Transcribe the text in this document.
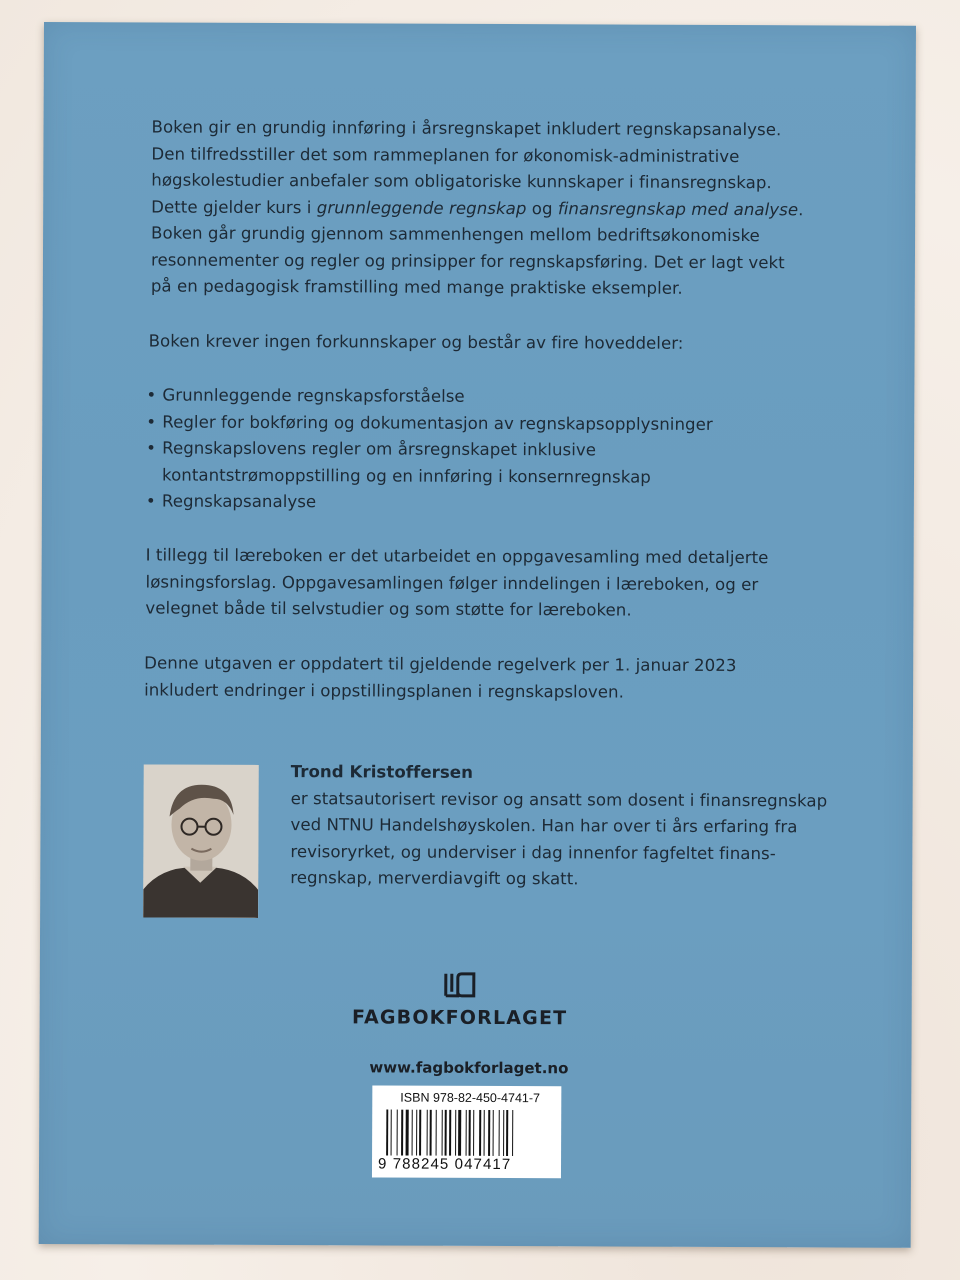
Boken gir en grundig innføring i årsregnskapet inkludert regnskapsanalyse.

Den tilfredsstiller det som rammeplanen for økonomisk-administrative

høgskolestudier anbefaler som obligatoriske kunnskaper i finansregnskap.

Dette gjelder kurs i grunnleggende regnskap og finansregnskap med analyse.

Boken går grundig gjennom sammenhengen mellom bedriftsøkonomiske

resonnementer og regler og prinsipper for regnskapsføring. Det er lagt vekt

på en pedagogisk framstilling med mange praktiske eksempler.

Boken krever ingen forkunnskaper og består av fire hoveddeler:

• Grunnleggende regnskapsforståelse
• Regler for bokføring og dokumentasjon av regnskapsopplysninger
• Regnskapslovens regler om årsregnskapet inklusive
kontantstrømoppstilling og en innføring i konsernregnskap
• Regnskapsanalyse

I tillegg til læreboken er det utarbeidet en oppgavesamling med detaljerte

løsningsforslag. Oppgavesamlingen følger inndelingen i læreboken, og er

velegnet både til selvstudier og som støtte for læreboken.

Denne utgaven er oppdatert til gjeldende regelverk per 1. januar 2023

inkludert endringer i oppstillingsplanen i regnskapsloven.

Trond Kristoffersen

er statsautorisert revisor og ansatt som dosent i finansregnskap

ved NTNU Handelshøyskolen. Han har over ti års erfaring fra

revisoryrket, og underviser i dag innenfor fagfeltet finans-

regnskap, merverdiavgift og skatt.

FAGBOKFORLAGET
www.fagbokforlaget.no
ISBN 978-82-450-4741-7
9 788245 047417
